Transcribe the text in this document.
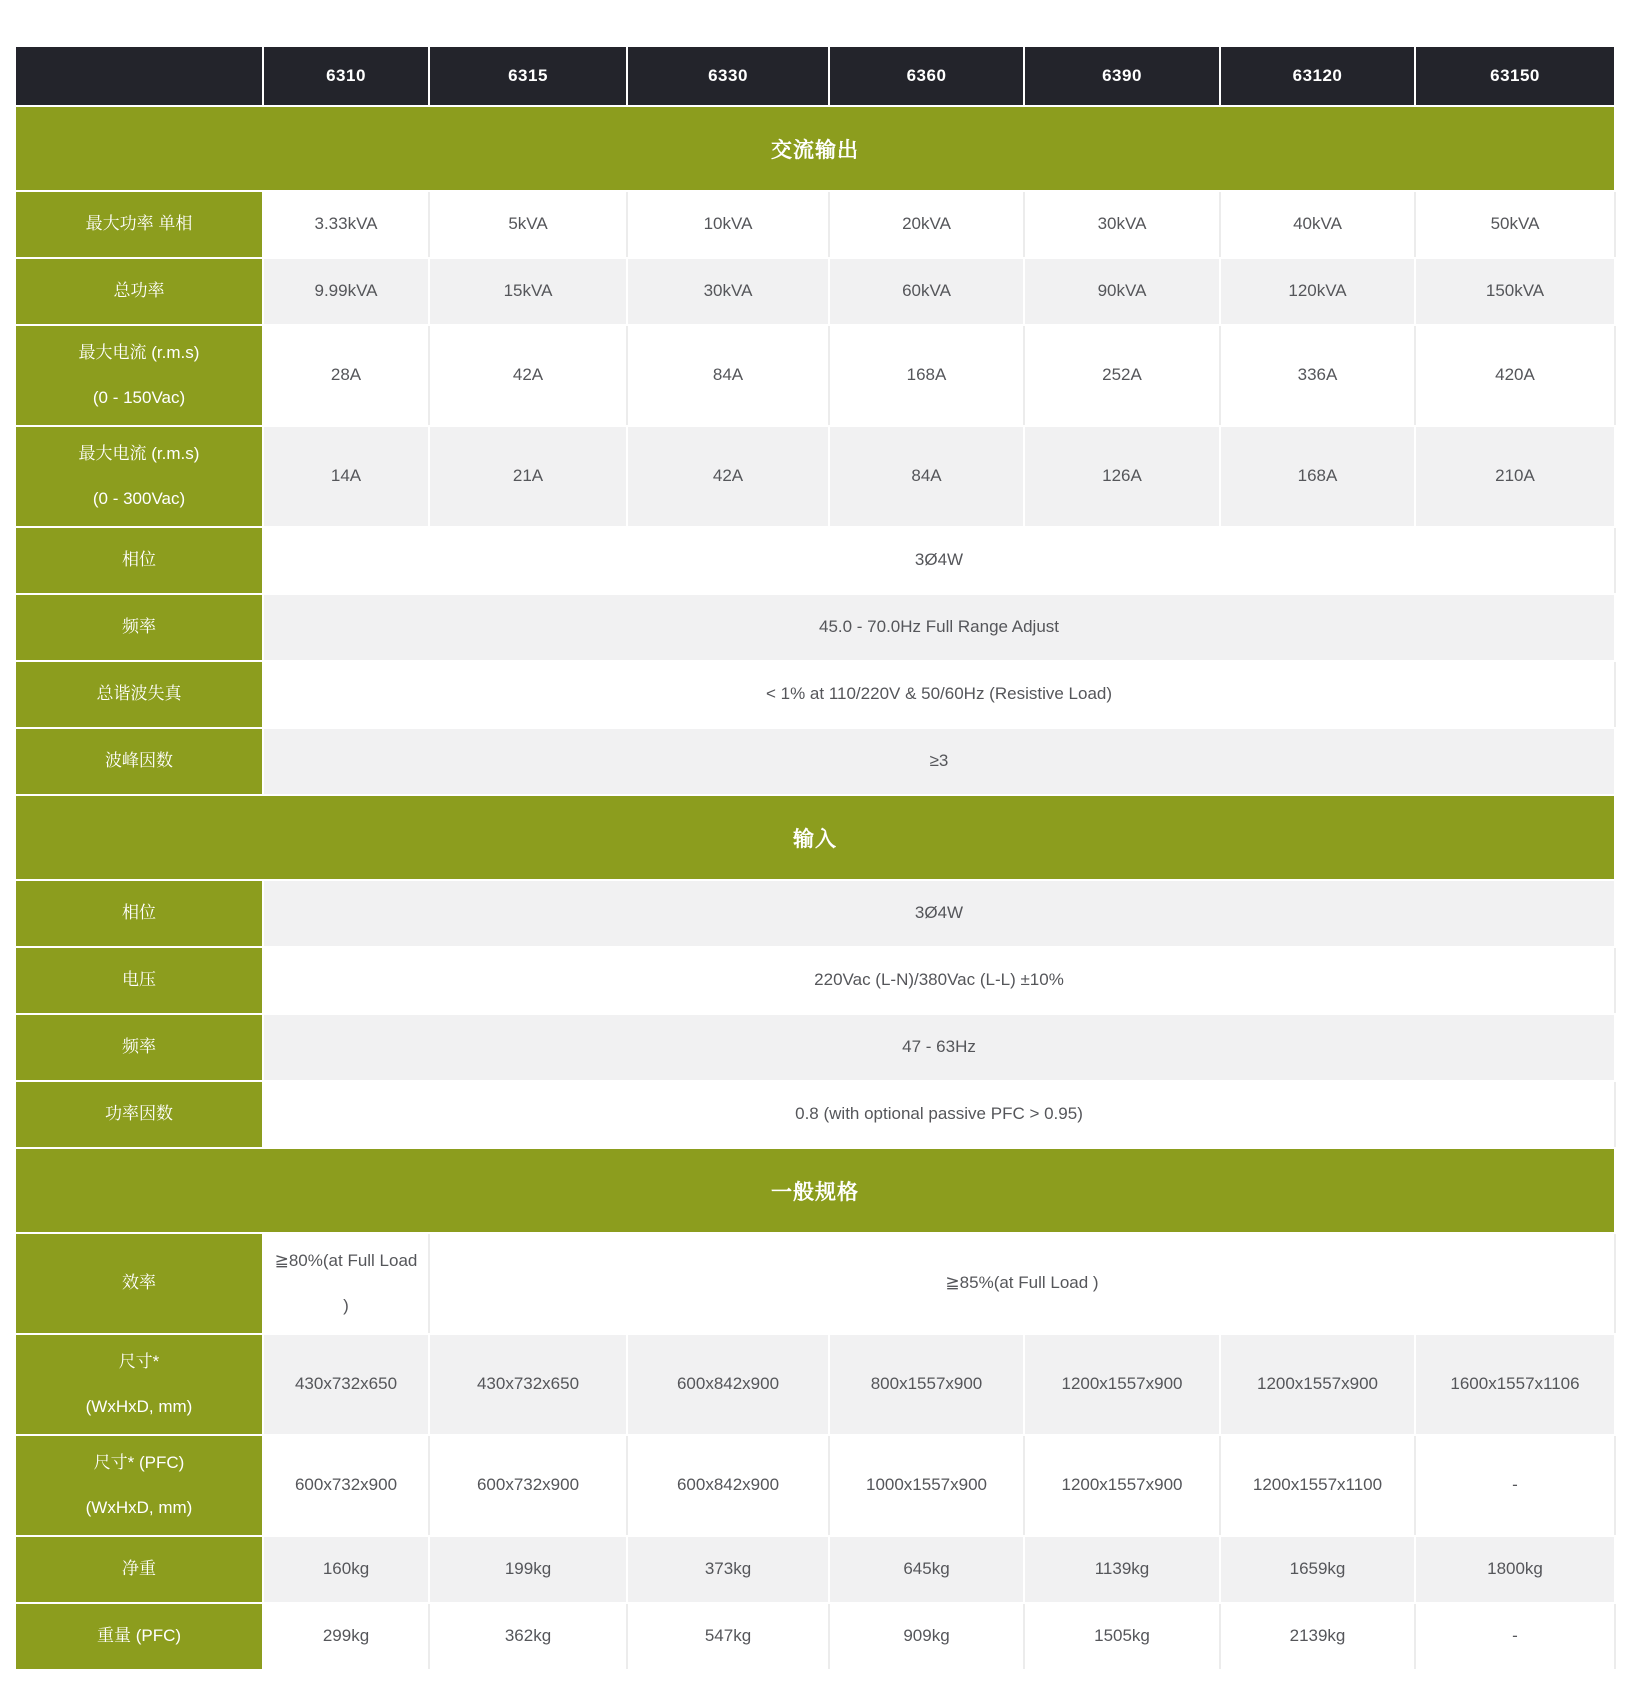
	6310	6315	6330	6360	6390	63120	63150
交流输出							

最大功率 单相	3.33kVA	5kVA	10kVA	20kVA	30kVA	40kVA	50kVA

总功率	9.99kVA	15kVA	30kVA	60kVA	90kVA	120kVA	150kVA

最大电流 (r.m.s)
(0 - 150Vac)	28A	42A	84A	168A	252A	336A	420A

最大电流 (r.m.s)
(0 - 300Vac)	14A	21A	42A	84A	126A	168A	210A

相位	3Ø4W						

频率	45.0 - 70.0Hz Full Range Adjust						

总谐波失真	< 1% at 110/220V & 50/60Hz (Resistive Load)						

波峰因数	≥3						
输入							

相位	3Ø4W						

电压	220Vac (L-N)/380Vac (L-L) ±10%						

频率	47 - 63Hz						

功率因数	0.8 (with optional passive PFC > 0.95)						
一般规格							

效率	≧80%(at Full Load )	≧85%(at Full Load )					

尺寸*
(WxHxD, mm)	430x732x650	430x732x650	600x842x900	800x1557x900	1200x1557x900	1200x1557x900	1600x1557x1106

尺寸* (PFC)
(WxHxD, mm)	600x732x900	600x732x900	600x842x900	1000x1557x900	1200x1557x900	1200x1557x1100	-

净重	160kg	199kg	373kg	645kg	1139kg	1659kg	1800kg

重量 (PFC)	299kg	362kg	547kg	909kg	1505kg	2139kg	-
